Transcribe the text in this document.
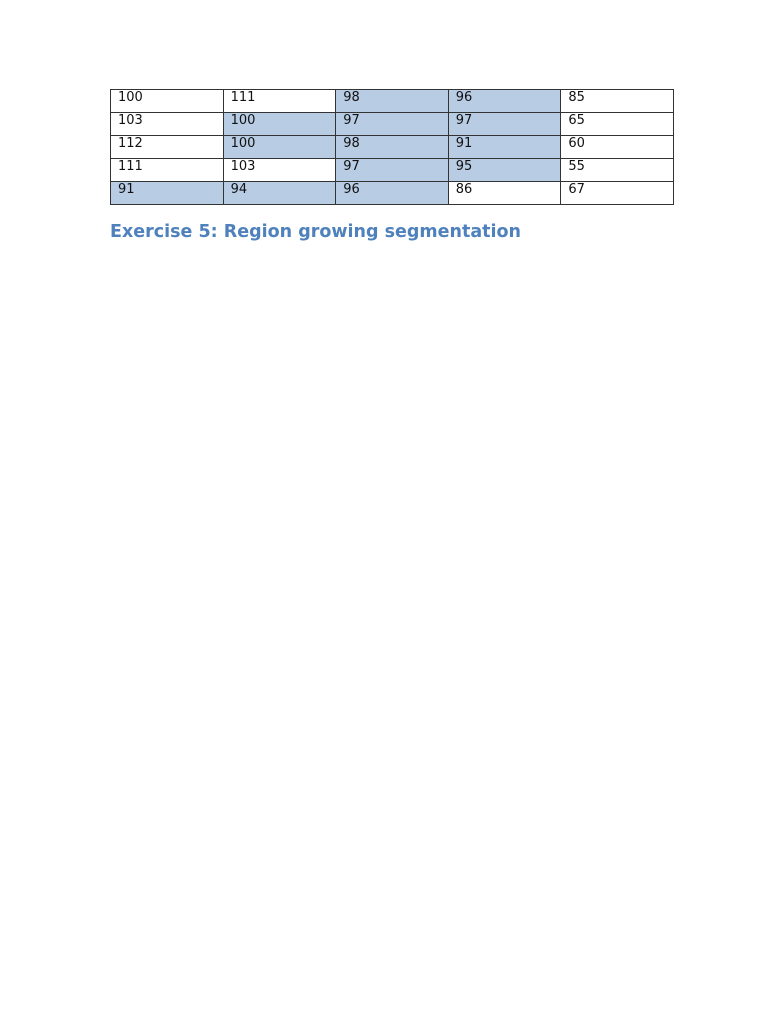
100	111	98	96	85
103	100	97	97	65
112	100	98	91	60
111	103	97	95	55
91	94	96	86	67
Exercise 5: Region growing segmentation
